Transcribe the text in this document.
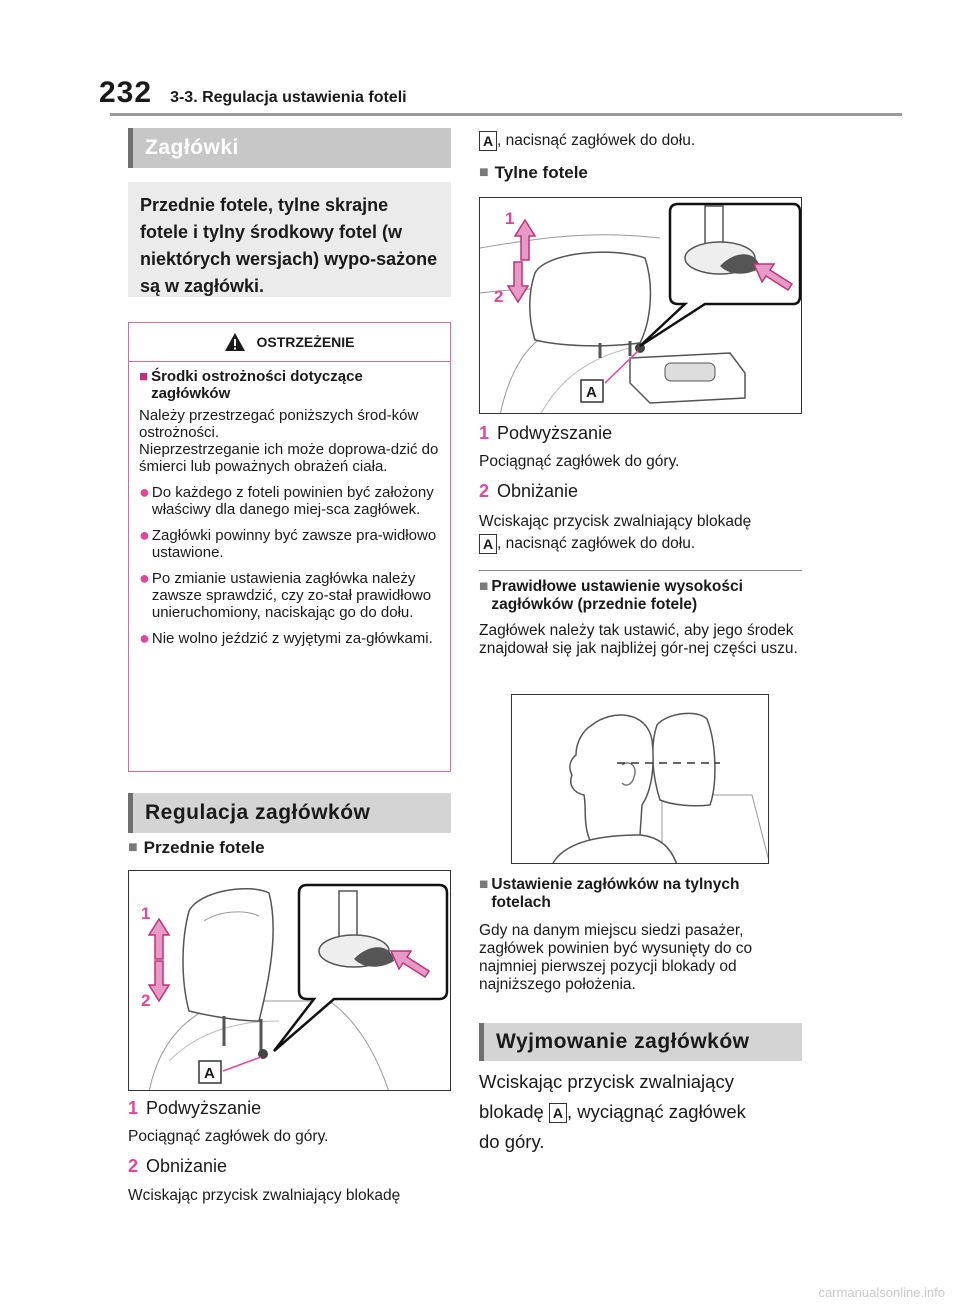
232 3-3. Regulacja ustawienia foteli
Zagłówki
Przednie fotele, tylne skrajne fotele i tylny środkowy fotel (w niektórych wersjach) wypo-sażone są w zagłówki.
OSTRZEŻENIE
■ Środki ostrożności dotyczące zagłówków
Należy przestrzegać poniższych środ-ków ostrożności.
Nieprzestrzeganie ich może doprowa-dzić do śmierci lub poważnych obrażeń ciała.
● Do każdego z foteli powinien być założony właściwy dla danego miej-sca zagłówek.
● Zagłówki powinny być zawsze pra-widłowo ustawione.
● Po zmianie ustawienia zagłówka należy zawsze sprawdzić, czy zo-stał prawidłowo unieruchomiony, naciskając go do dołu.
● Nie wolno jeździć z wyjętymi za-główkami.
Regulacja zagłówków
■ Przednie fotele
1
2
A
1 Podwyższanie
Pociągnąć zagłówek do góry.
2 Obniżanie
Wciskając przycisk zwalniający blokadę
A , nacisnąć zagłówek do dołu.
■ Tylne fotele
1
2
A
1 Podwyższanie
Pociągnąć zagłówek do góry.
2 Obniżanie
Wciskając przycisk zwalniający blokadę
A , nacisnąć zagłówek do dołu.
■ Prawidłowe ustawienie wysokości zagłówków (przednie fotele)
Zagłówek należy tak ustawić, aby jego środek znajdował się jak najbliżej gór-nej części uszu.
■ Ustawienie zagłówków na tylnych fotelach
Gdy na danym miejscu siedzi pasażer, zagłówek powinien być wysunięty do co najmniej pierwszej pozycji blokady od najniższego położenia.
Wyjmowanie zagłówków
Wciskając przycisk zwalniający
blokadę A , wyciągnąć zagłówek
do góry.
carmanualsonline.info
